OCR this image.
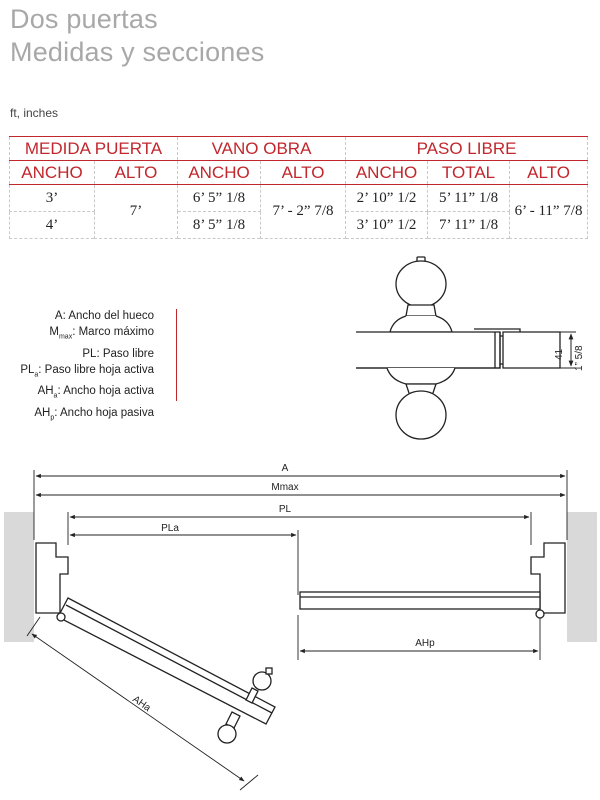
Dos puertas
Medidas y secciones
ft, inches
MEDIDA PUERTA		VANO OBRA		PASO LIBRE		
ANCHO	ALTO	ANCHO	ALTO	ANCHO	TOTAL	ALTO
3’	7’	6’ 5” 1/8	7’ - 2” 7/8	2’ 10” 1/2	5’ 11” 1/8	6’ - 11” 7/8
4’		8’ 5” 1/8		3’ 10” 1/2	7’ 11” 1/8	
A: Ancho del hueco
$M_{max}$: Marco máximo
PL: Paso libre
$PL_a$: Paso libre hoja activa
$AH_a$: Ancho hoja activa
$AH_p$: Ancho hoja pasiva
41 1” 5/8
A
Mmax
PL
PLa
AHp
AHa
